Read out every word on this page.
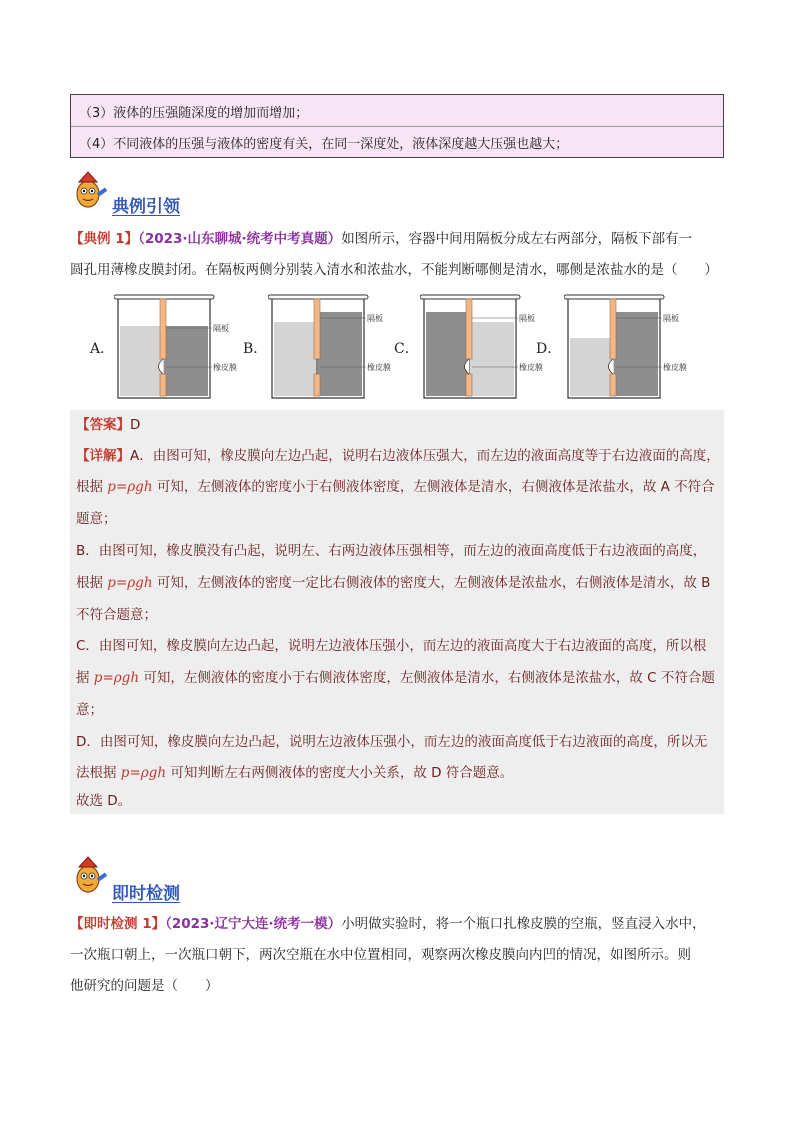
（3）液体的压强随深度的增加而增加；
（4）不同液体的压强与液体的密度有关，在同一深度处，液体深度越大压强也越大；
典例引领
【典例 1】（2023·山东聊城·统考中考真题）如图所示，容器中间用隔板分成左右两部分，隔板下部有一
圆孔用薄橡皮膜封闭。在隔板两侧分别装入清水和浓盐水，不能判断哪侧是清水，哪侧是浓盐水的是（　　）
A．
隔板
橡皮膜
B．
隔板
橡皮膜
C．
隔板
橡皮膜
D．
隔板
橡皮膜
【答案】D
【详解】A．由图可知，橡皮膜向左边凸起，说明右边液体压强大，而左边的液面高度等于右边液面的高度，
根据 p=ρgh 可知，左侧液体的密度小于右侧液体密度，左侧液体是清水，右侧液体是浓盐水，故 A 不符合
题意；
B．由图可知，橡皮膜没有凸起，说明左、右两边液体压强相等，而左边的液面高度低于右边液面的高度，
根据 p=ρgh 可知，左侧液体的密度一定比右侧液体的密度大，左侧液体是浓盐水，右侧液体是清水，故 B
不符合题意；
C．由图可知，橡皮膜向左边凸起，说明左边液体压强小，而左边的液面高度大于右边液面的高度，所以根
据 p=ρgh 可知，左侧液体的密度小于右侧液体密度，左侧液体是清水，右侧液体是浓盐水，故 C 不符合题
意；
D．由图可知，橡皮膜向左边凸起，说明左边液体压强小，而左边的液面高度低于右边液面的高度，所以无
法根据 p=ρgh 可知判断左右两侧液体的密度大小关系，故 D 符合题意。
故选 D。
即时检测
【即时检测 1】（2023·辽宁大连·统考一模）小明做实验时，将一个瓶口扎橡皮膜的空瓶，竖直浸入水中，
一次瓶口朝上，一次瓶口朝下，两次空瓶在水中位置相同，观察两次橡皮膜向内凹的情况，如图所示。则
他研究的问题是（　　）
